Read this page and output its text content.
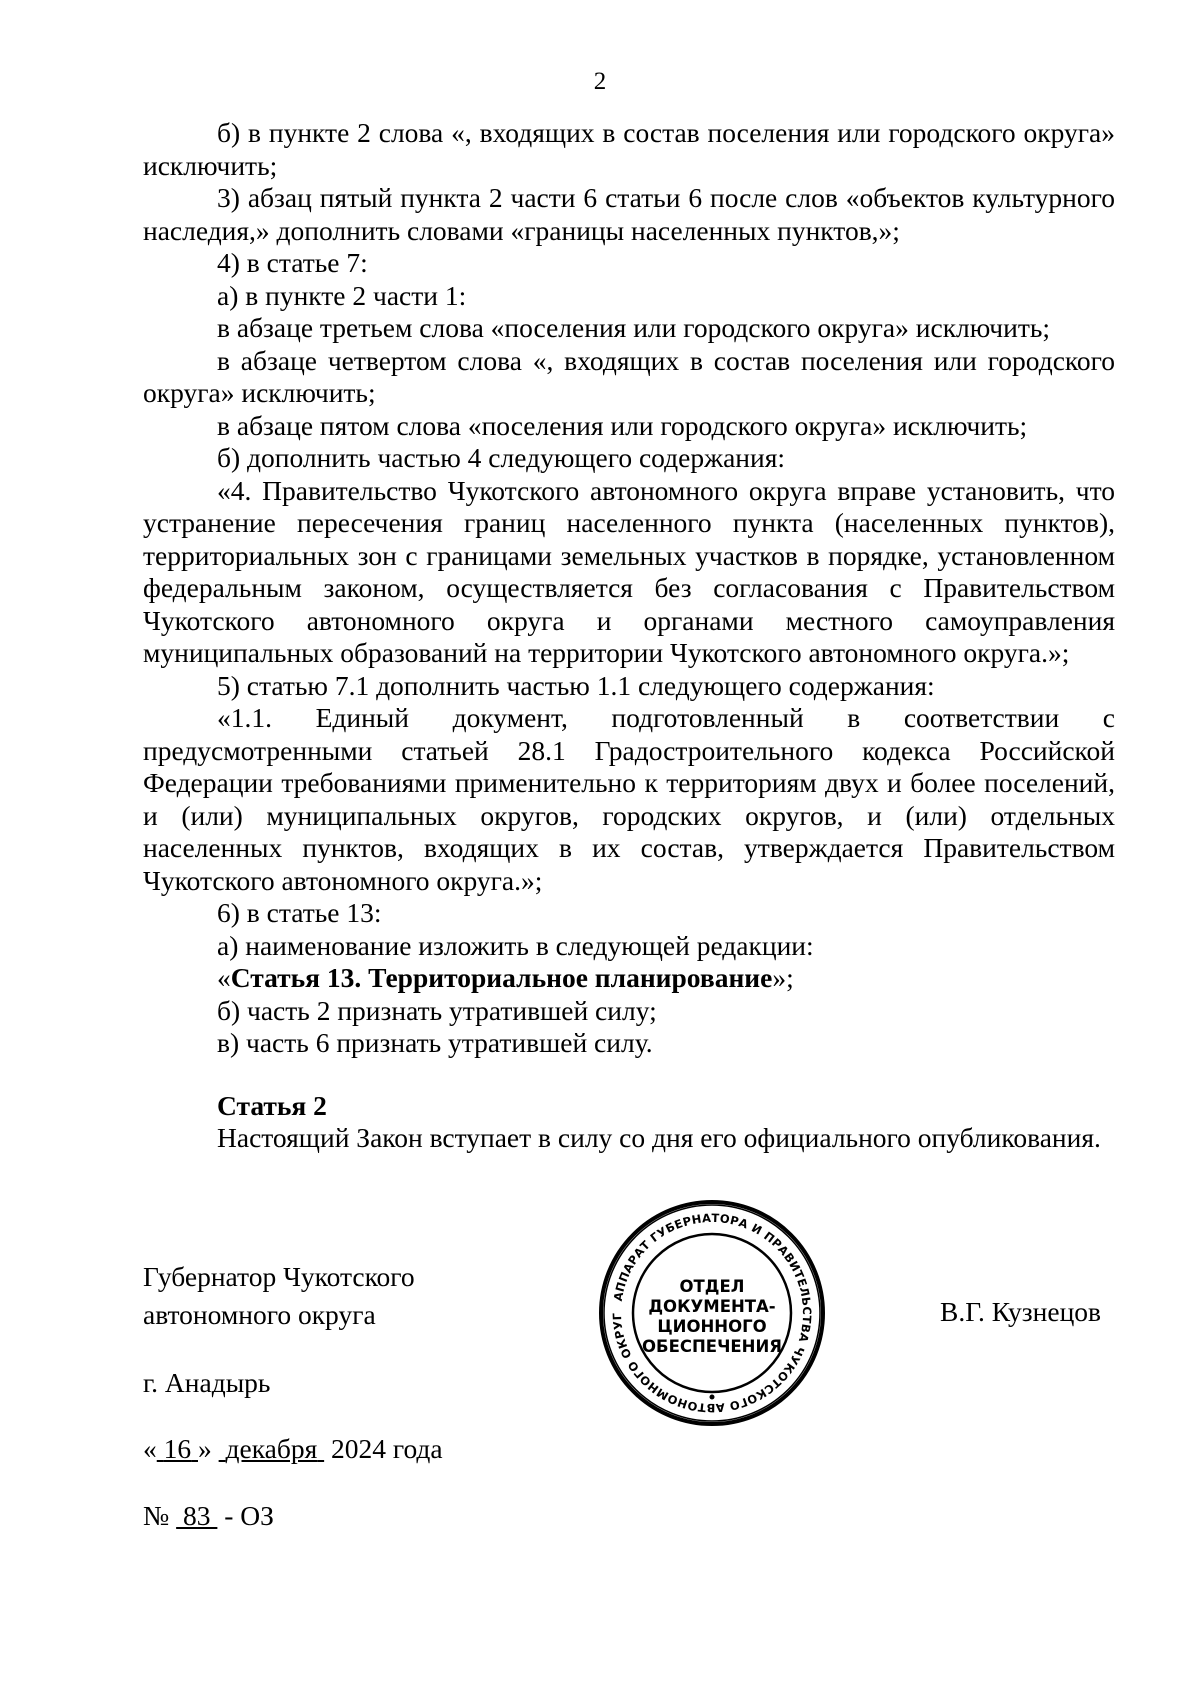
2

б) в пункте 2 слова «, входящих в состав поселения или городского округа» исключить;

3) абзац пятый пункта 2 части 6 статьи 6 после слов «объектов культурного наследия,» дополнить словами «границы населенных пунктов,»;

4) в статье 7:

а) в пункте 2 части 1:

в абзаце третьем слова «поселения или городского округа» исключить;

в абзаце четвертом слова «, входящих в состав поселения или городского округа» исключить;

в абзаце пятом слова «поселения или городского округа» исключить;

б) дополнить частью 4 следующего содержания:

«4. Правительство Чукотского автономного округа вправе установить, что устранение пересечения границ населенного пункта (населенных пунктов), территориальных зон с границами земельных участков в порядке, установленном федеральным законом, осуществляется без согласования с Правительством Чукотского автономного округа и органами местного самоуправления муниципальных образований на территории Чукотского автономного округа.»;

5) статью 7.1 дополнить частью 1.1 следующего содержания:

«1.1. Единый документ, подготовленный в соответствии с предусмотренными статьей 28.1 Градостроительного кодекса Российской Федерации требованиями применительно к территориям двух и более поселений, и (или) муниципальных округов, городских округов, и (или) отдельных населенных пунктов, входящих в их состав, утверждается Правительством Чукотского автономного округа.»;

6) в статье 13:

а) наименование изложить в следующей редакции:

«Статья 13. Территориальное планирование»;

б) часть 2 признать утратившей силу;

в) часть 6 признать утратившей силу.

Статья 2

Настоящий Закон вступает в силу со дня его официального опубликования.

Губернатор Чукотского
автономного округа	В.Г. Кузнецов
АППАРАТ ГУБЕРНАТОРА И ПРАВИТЕЛЬСТВА ЧУКОТСКОГО АВТОНОМНОГО ОКРУГ
ОТДЕЛ
ДОКУМЕНТА-
ЦИОННОГО
ОБЕСПЕЧЕНИЯ
г. Анадырь
« 16 » декабря 2024 года
№ 83 - ОЗ
